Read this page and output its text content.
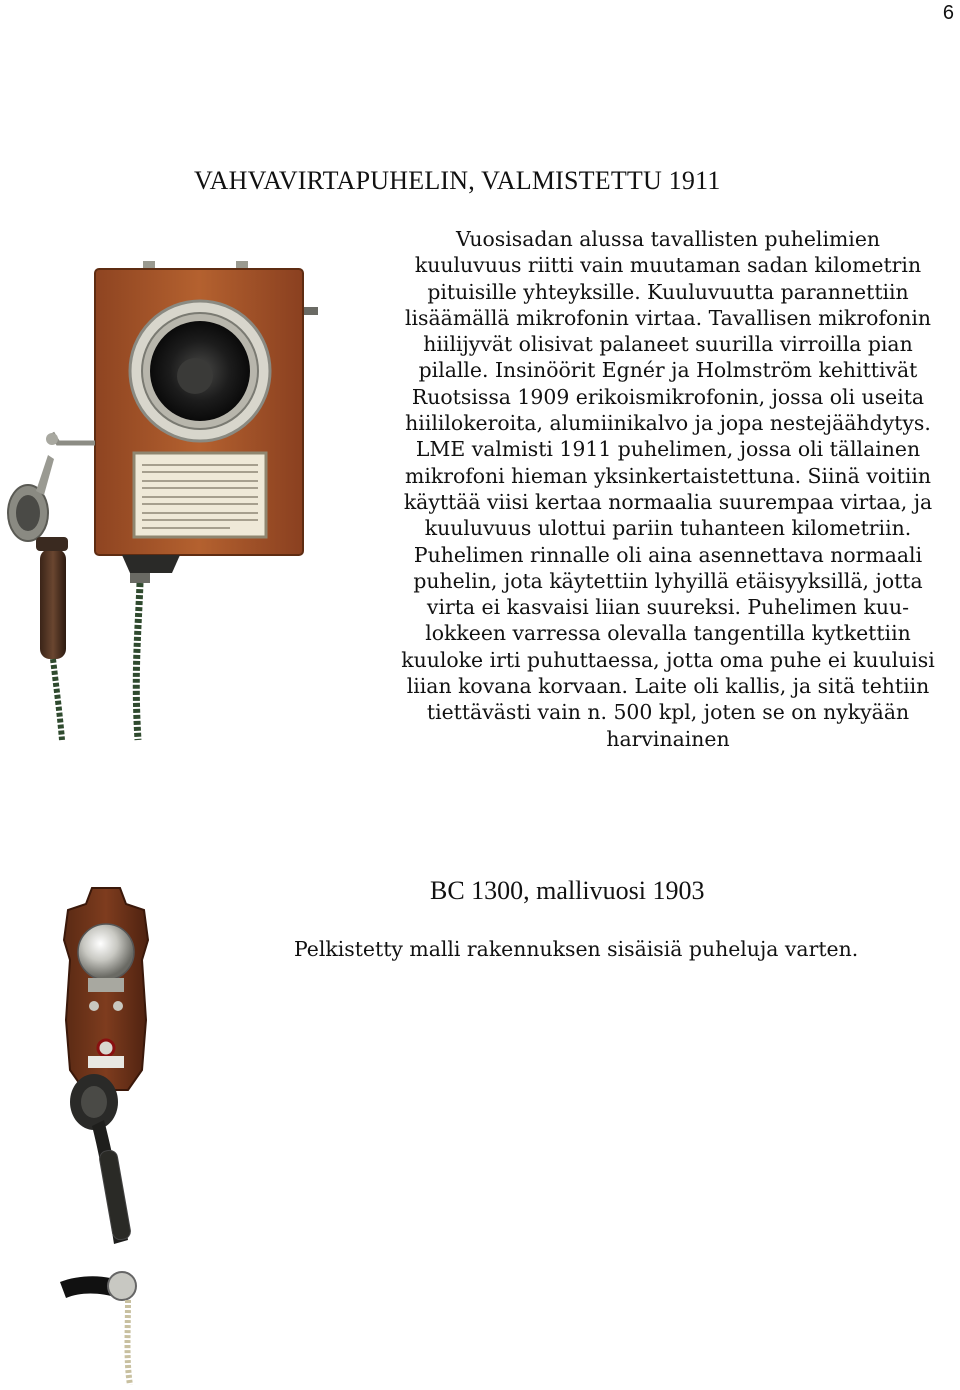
6
VAHVAVIRTAPUHELIN, VALMISTETTU 1911
Vuosisadan alussa tavallisten puhelimien
kuuluvuus riitti vain muutaman sadan kilometrin
pituisille yhteyksille. Kuuluvuutta parannettiin
lisäämällä mikrofonin virtaa. Tavallisen mikrofonin
hiilijyvät olisivat palaneet suurilla virroilla pian
pilalle. Insinöörit Egnér ja Holmström kehittivät
Ruotsissa 1909 erikoismikrofonin, jossa oli useita
hiililokeroita, alumiinikalvo ja jopa nestejäähdytys.
LME valmisti 1911 puhelimen, jossa oli tällainen
mikrofoni hieman yksinkertaistettuna. Siinä voitiin
käyttää viisi kertaa normaalia suurempaa virtaa, ja
kuuluvuus ulottui pariin tuhanteen kilometriin.
Puhelimen rinnalle oli aina asennettava normaali
puhelin, jota käytettiin lyhyillä etäisyyksillä, jotta
virta ei kasvaisi liian suureksi. Puhelimen kuu-
lokkeen varressa olevalla tangentilla kytkettiin
kuuloke irti puhuttaessa, jotta oma puhe ei kuuluisi
liian kovana korvaan. Laite oli kallis, ja sitä tehtiin
tiettävästi vain n. 500 kpl, joten se on nykyään
harvinainen
BC 1300, mallivuosi 1903
Pelkistetty malli rakennuksen sisäisiä puheluja varten.
